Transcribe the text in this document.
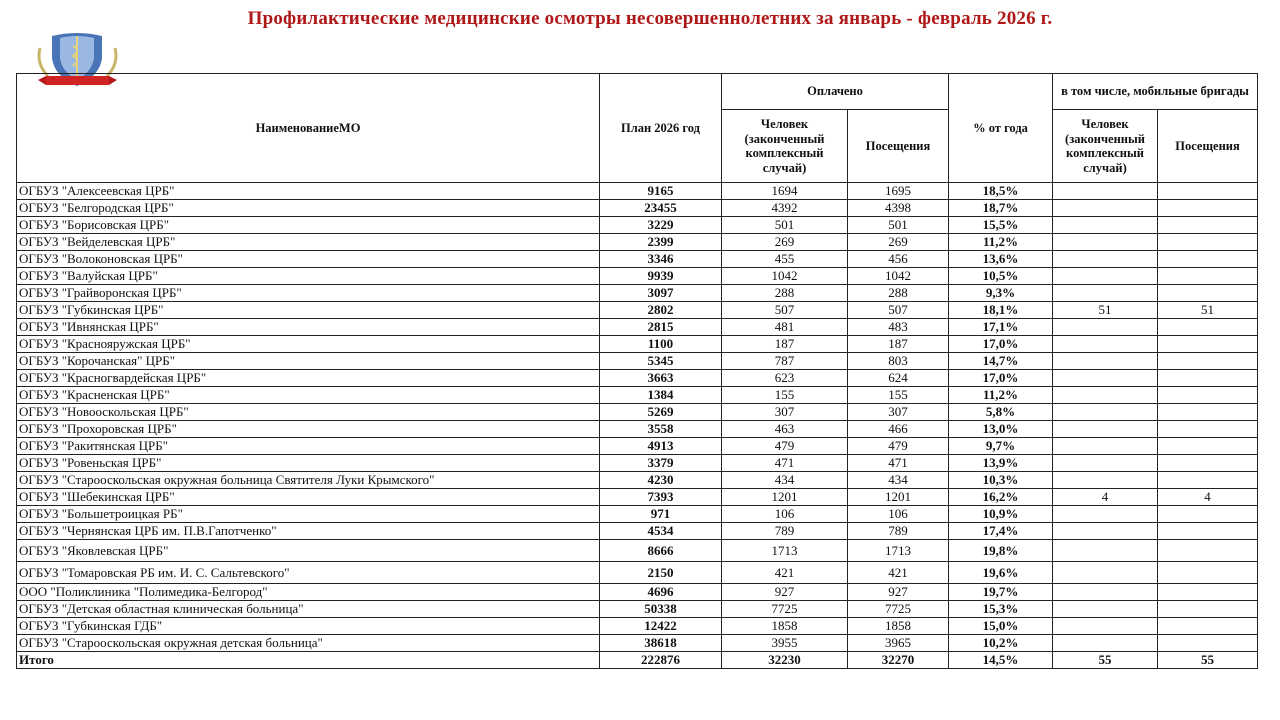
Профилактические медицинские осмотры несовершеннолетних за январь - февраль 2026 г.
НаименованиеМО	План 2026 год	Оплачено		% от года	в том числе, мобильные бригады	
		Человек (законченный комплексный случай)	Посещения		Человек (законченный комплексный случай)	Посещения
ОГБУЗ "Алексеевская ЦРБ"	9165	1694	1695	18,5%		
ОГБУЗ "Белгородская ЦРБ"	23455	4392	4398	18,7%		
ОГБУЗ "Борисовская ЦРБ"	3229	501	501	15,5%		
ОГБУЗ "Вейделевская ЦРБ"	2399	269	269	11,2%		
ОГБУЗ "Волоконовская ЦРБ"	3346	455	456	13,6%		
ОГБУЗ "Валуйская ЦРБ"	9939	1042	1042	10,5%		
ОГБУЗ "Грайворонская ЦРБ"	3097	288	288	9,3%		
ОГБУЗ "Губкинская ЦРБ"	2802	507	507	18,1%	51	51
ОГБУЗ "Ивнянская ЦРБ"	2815	481	483	17,1%		
ОГБУЗ "Краснояружская ЦРБ"	1100	187	187	17,0%		
ОГБУЗ "Корочанская" ЦРБ"	5345	787	803	14,7%		
ОГБУЗ "Красногвардейская ЦРБ"	3663	623	624	17,0%		
ОГБУЗ "Красненская ЦРБ"	1384	155	155	11,2%		
ОГБУЗ "Новооскольская ЦРБ"	5269	307	307	5,8%		
ОГБУЗ "Прохоровская ЦРБ"	3558	463	466	13,0%		
ОГБУЗ "Ракитянская ЦРБ"	4913	479	479	9,7%		
ОГБУЗ "Ровеньская ЦРБ"	3379	471	471	13,9%		
ОГБУЗ "Старооскольская окружная больница Святителя Луки Крымского"	4230	434	434	10,3%		
ОГБУЗ "Шебекинская ЦРБ"	7393	1201	1201	16,2%	4	4
ОГБУЗ "Большетроицкая РБ"	971	106	106	10,9%		
ОГБУЗ "Чернянская ЦРБ им. П.В.Гапотченко"	4534	789	789	17,4%		
ОГБУЗ "Яковлевская ЦРБ"	8666	1713	1713	19,8%		
ОГБУЗ "Томаровская РБ им. И. С. Сальтевского"	2150	421	421	19,6%		
ООО "Поликлиника "Полимедика-Белгород"	4696	927	927	19,7%		
ОГБУЗ "Детская областная клиническая больница"	50338	7725	7725	15,3%		
ОГБУЗ "Губкинская ГДБ"	12422	1858	1858	15,0%		
ОГБУЗ "Старооскольская окружная детская больница"	38618	3955	3965	10,2%		
Итого	222876	32230	32270	14,5%	55	55
